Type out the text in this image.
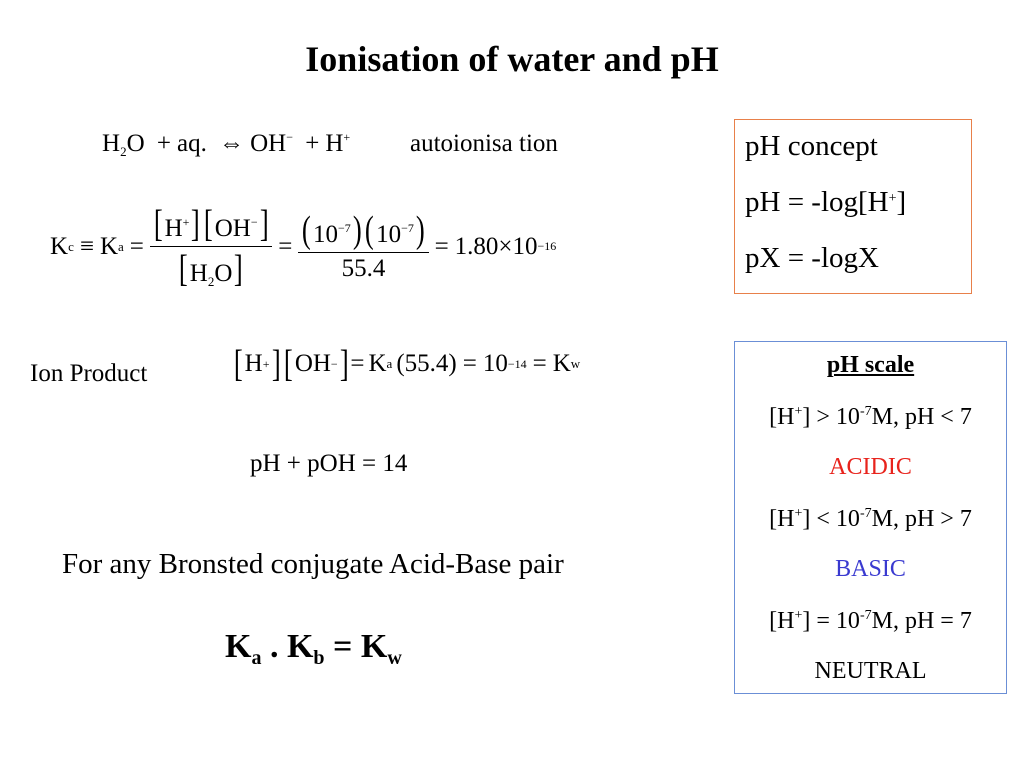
Ionisation of water and pH
$H_2O$ + aq. ⇔ OH− + H+ autoionisa tion
K c ≡ K $a = \frac{[H^+][OH^-]}{[H_2O]} = \frac{(10^{-7})(10^{-7})}{55.4} = 1.80\times 10 -16$
Ion Product [ H + ] [ OH − ] = K a (55.4) = 10 −14 = K w
pH + pOH = 14
For any Bronsted conjugate Acid-Base pair
$K_a$ . $K_b = K_w$
pH concept
pH = -log[H+]
pX = -logX
pH scale
$[H^+] > 10^{-7}M$, pH < 7
ACIDIC
$[H^+] < 10^{-7}M$, pH > 7
BASIC
$[H^+] = 10^{-7}M$, pH = 7
NEUTRAL
